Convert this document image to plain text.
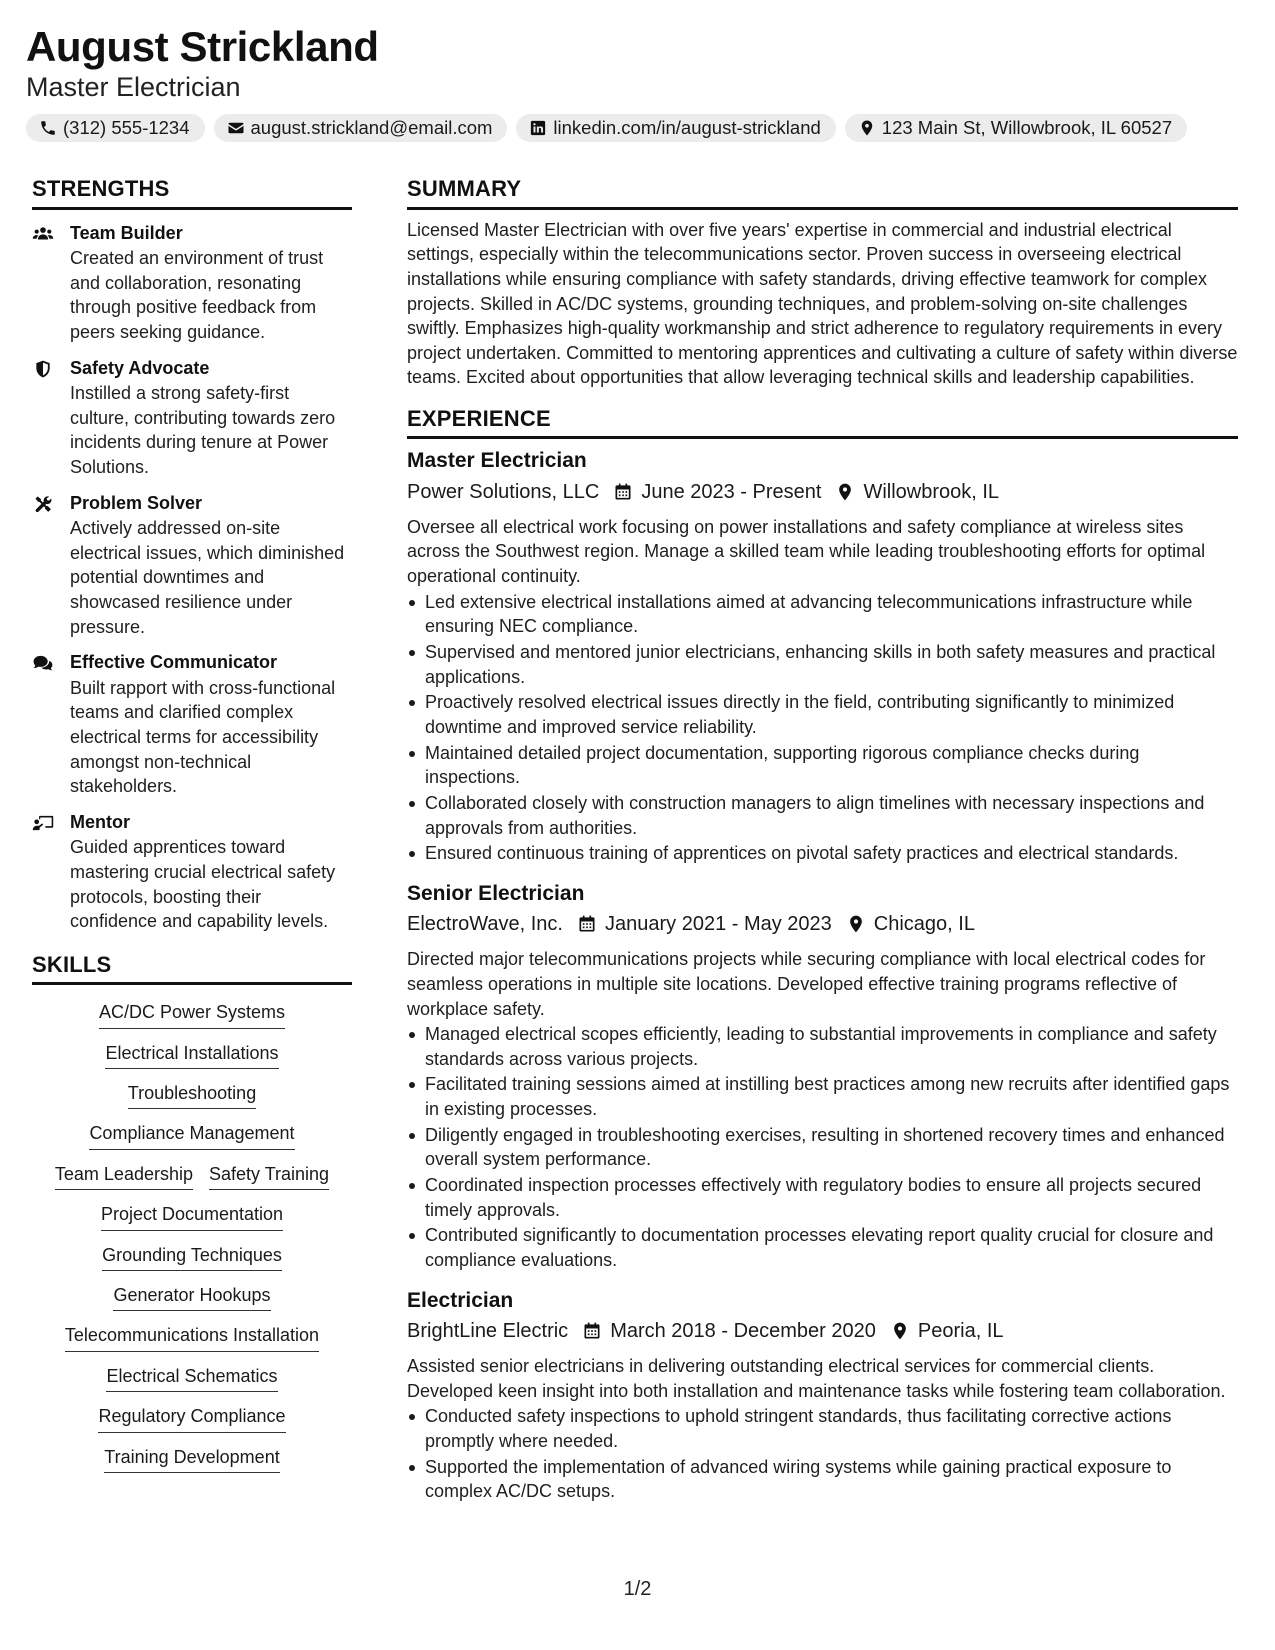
August Strickland
Master Electrician
(312) 555-1234	august.strickland@email.com	linkedin.com/in/august-strickland	123 Main St, Willowbrook, IL 60527
STRENGTHS
Team Builder
Created an environment of trust and collaboration, resonating through positive feedback from peers seeking guidance.
Safety Advocate
Instilled a strong safety-first culture, contributing towards zero incidents during tenure at Power Solutions.
Problem Solver
Actively addressed on-site electrical issues, which diminished potential downtimes and showcased resilience under pressure.
Effective Communicator
Built rapport with cross-functional teams and clarified complex electrical terms for accessibility amongst non-technical stakeholders.
Mentor
Guided apprentices toward mastering crucial electrical safety protocols, boosting their confidence and capability levels.
SKILLS
AC/DC Power Systems
Electrical Installations
Troubleshooting
Compliance Management
Team Leadership Safety Training
Project Documentation
Grounding Techniques
Generator Hookups
Telecommunications Installation
Electrical Schematics
Regulatory Compliance
Training Development
SUMMARY
Licensed Master Electrician with over five years' expertise in commercial and industrial electrical settings, especially within the telecommunications sector. Proven success in overseeing electrical installations while ensuring compliance with safety standards, driving effective teamwork for complex projects. Skilled in AC/DC systems, grounding techniques, and problem-solving on-site challenges swiftly. Emphasizes high-quality workmanship and strict adherence to regulatory requirements in every project undertaken. Committed to mentoring apprentices and cultivating a culture of safety within diverse teams. Excited about opportunities that allow leveraging technical skills and leadership capabilities.
EXPERIENCE
Master Electrician
Power Solutions, LLC June 2023 - Present Willowbrook, IL
Oversee all electrical work focusing on power installations and safety compliance at wireless sites across the Southwest region. Manage a skilled team while leading troubleshooting efforts for optimal operational continuity.
Led extensive electrical installations aimed at advancing telecommunications infrastructure while ensuring NEC compliance.
Supervised and mentored junior electricians, enhancing skills in both safety measures and practical applications.
Proactively resolved electrical issues directly in the field, contributing significantly to minimized downtime and improved service reliability.
Maintained detailed project documentation, supporting rigorous compliance checks during inspections.
Collaborated closely with construction managers to align timelines with necessary inspections and approvals from authorities.
Ensured continuous training of apprentices on pivotal safety practices and electrical standards.
Senior Electrician
ElectroWave, Inc. January 2021 - May 2023 Chicago, IL
Directed major telecommunications projects while securing compliance with local electrical codes for seamless operations in multiple site locations. Developed effective training programs reflective of workplace safety.
Managed electrical scopes efficiently, leading to substantial improvements in compliance and safety standards across various projects.
Facilitated training sessions aimed at instilling best practices among new recruits after identified gaps in existing processes.
Diligently engaged in troubleshooting exercises, resulting in shortened recovery times and enhanced overall system performance.
Coordinated inspection processes effectively with regulatory bodies to ensure all projects secured timely approvals.
Contributed significantly to documentation processes elevating report quality crucial for closure and compliance evaluations.
Electrician
BrightLine Electric March 2018 - December 2020 Peoria, IL
Assisted senior electricians in delivering outstanding electrical services for commercial clients. Developed keen insight into both installation and maintenance tasks while fostering team collaboration.
Conducted safety inspections to uphold stringent standards, thus facilitating corrective actions promptly where needed.
Supported the implementation of advanced wiring systems while gaining practical exposure to complex AC/DC setups.
1/2
